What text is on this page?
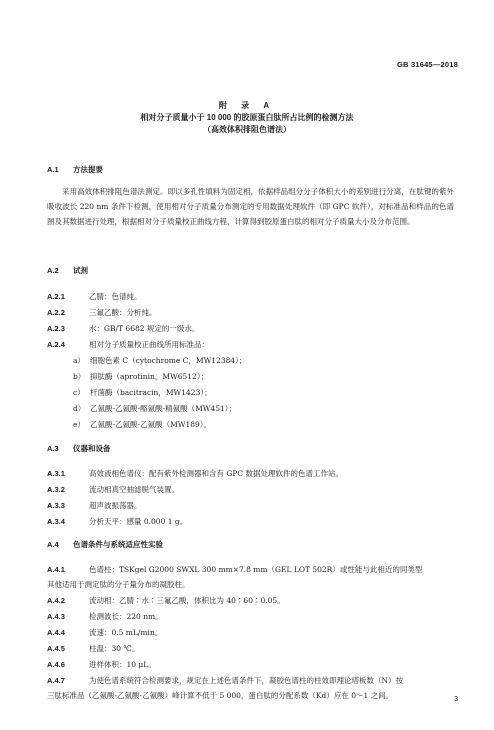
GB 31645—2018
附 录 A
相对分子质量小于 10 000 的胶原蛋白肽所占比例的检测方法
（高效体积排阻色谱法）
A.1 方法提要
采用高效体积排阻色谱法测定。即以多孔性填料为固定相，依据样品组分分子体积大小的差别进行分离，在肽键的紫外吸收波长 220 nm 条件下检测，使用相对分子质量分布测定的专用数据处理软件（即 GPC 软件），对标准品和样品的色谱图及其数据进行处理，根据相对分子质量校正曲线方程，计算得到胶原蛋白肽的相对分子质量大小及分布范围。
A.2 试剂
A.2.1	乙腈：色谱纯。
A.2.2	三氟乙酸：分析纯。
A.2.3	水：GB/T 6682 规定的一级水。
A.2.4	相对分子质量校正曲线所用标准品：
a） 细胞色素 C（cytochrome C，MW12384）；
b） 抑肽酶（aprotinin，MW6512）；
c） 杆菌酶（bacitracin，MW1423）；
d） 乙氨酸-乙氨酸-酪氨酸-精氨酸（MW451）；
e） 乙氨酸-乙氨酸-乙氨酸（MW189）。
A.3 仪器和设备
A.3.1	高效液相色谱仪：配有紫外检测器和含有 GPC 数据处理软件的色谱工作站。
A.3.2	流动相真空抽滤脱气装置。
A.3.3	超声波振荡器。
A.3.4	分析天平：感量 0.000 1 g。
A.4 色谱条件与系统适应性实验
A.4.1	色谱柱：TSKgel G2000 SWXL 300 mm×7.8 mm（GEL LOT 502R）或性能与此相近的同类型
其他适用于测定肽的分子量分布的凝胶柱。
A.4.2	流动相：乙腈∶水∶三氟乙酸，体积比为 40∶60∶0.05。
A.4.3	检测波长：220 nm。
A.4.4	流速：0.5 mL/min。
A.4.5	柱温：30 ℃。
A.4.6	进样体积：10 μL。
A.4.7	为使色谱系统符合检测要求，规定在上述色谱条件下，凝胶色谱柱的柱效即理论塔板数（N）按
三肽标准品（乙氨酸-乙氨酸-乙氨酸）峰计算不低于 5 000，蛋白肽的分配系数（Kd）应在 0～1 之间。	3
